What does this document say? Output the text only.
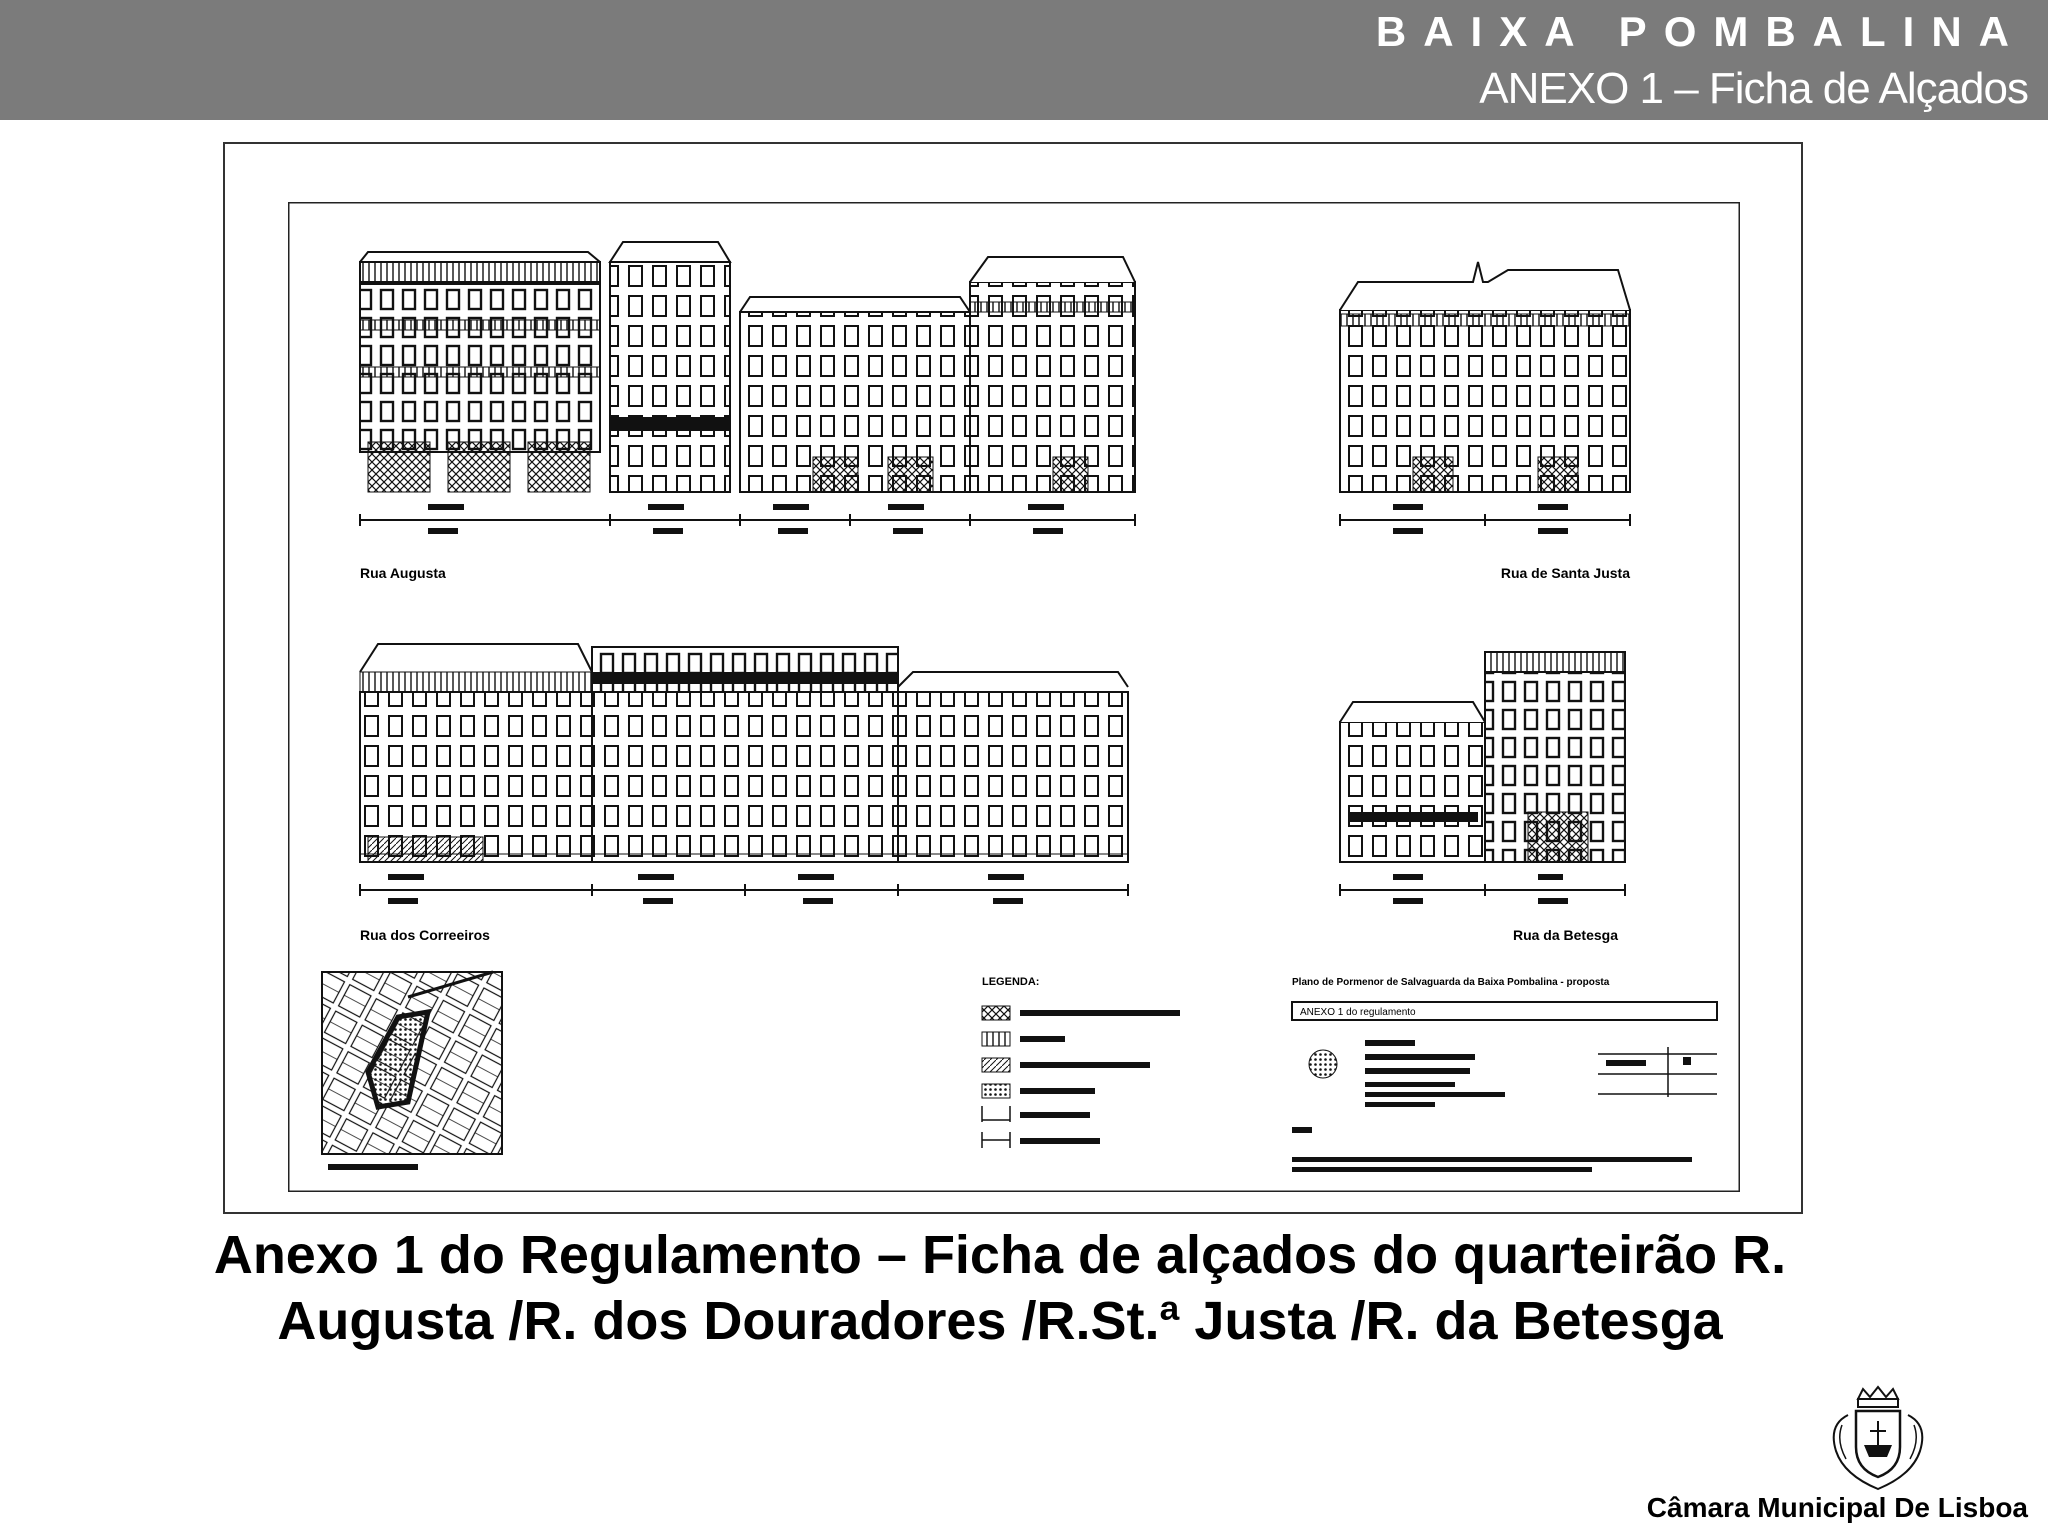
BAIXA POMBALINA
ANEXO 1 – Ficha de Alçados
Rua Augusta	Rua de Santa Justa
Rua dos Correeiros	Rua da Betesga
LEGENDA:	Plano de Pormenor de Salvaguarda da Baixa Pombalina - proposta
ANEXO 1 do regulamento
Anexo 1 do Regulamento – Ficha de alçados do quarteirão R.
Augusta /R. dos Douradores /R.St.ª Justa /R. da Betesga
Câmara Municipal De Lisboa
